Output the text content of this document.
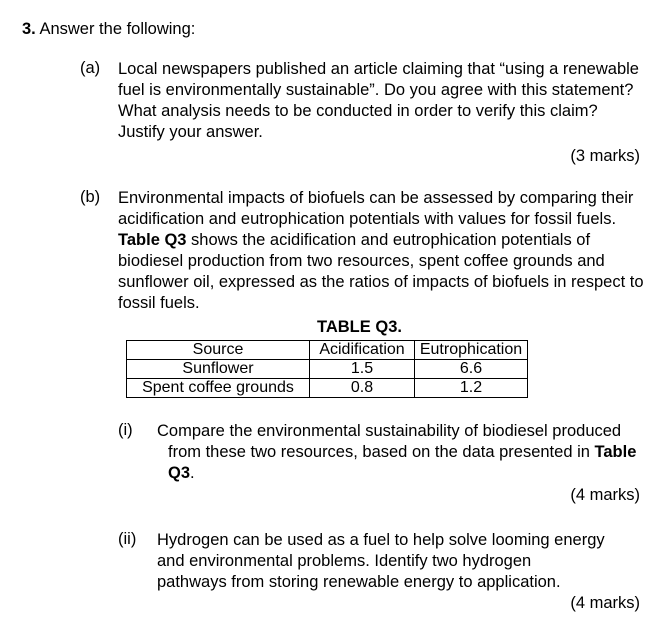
3. Answer the following:
(a) Local newspapers published an article claiming that “using a renewable
fuel is environmentally sustainable”. Do you agree with this statement?
What analysis needs to be conducted in order to verify this claim?
Justify your answer.
(3 marks)
(b) Environmental impacts of biofuels can be assessed by comparing their
acidification and eutrophication potentials with values for fossil fuels.
Table Q3 shows the acidification and eutrophication potentials of
biodiesel production from two resources, spent coffee grounds and
sunflower oil, expressed as the ratios of impacts of biofuels in respect to
fossil fuels.
TABLE Q3.
Source	Acidification	Eutrophication
Sunflower	1.5	6.6
Spent coffee grounds	0.8	1.2
(i) Compare the environmental sustainability of biodiesel produced
from these two resources, based on the data presented in Table
Q3.
(4 marks)
(ii) Hydrogen can be used as a fuel to help solve looming energy
and environmental problems. Identify two hydrogen
pathways from storing renewable energy to application.
(4 marks)
